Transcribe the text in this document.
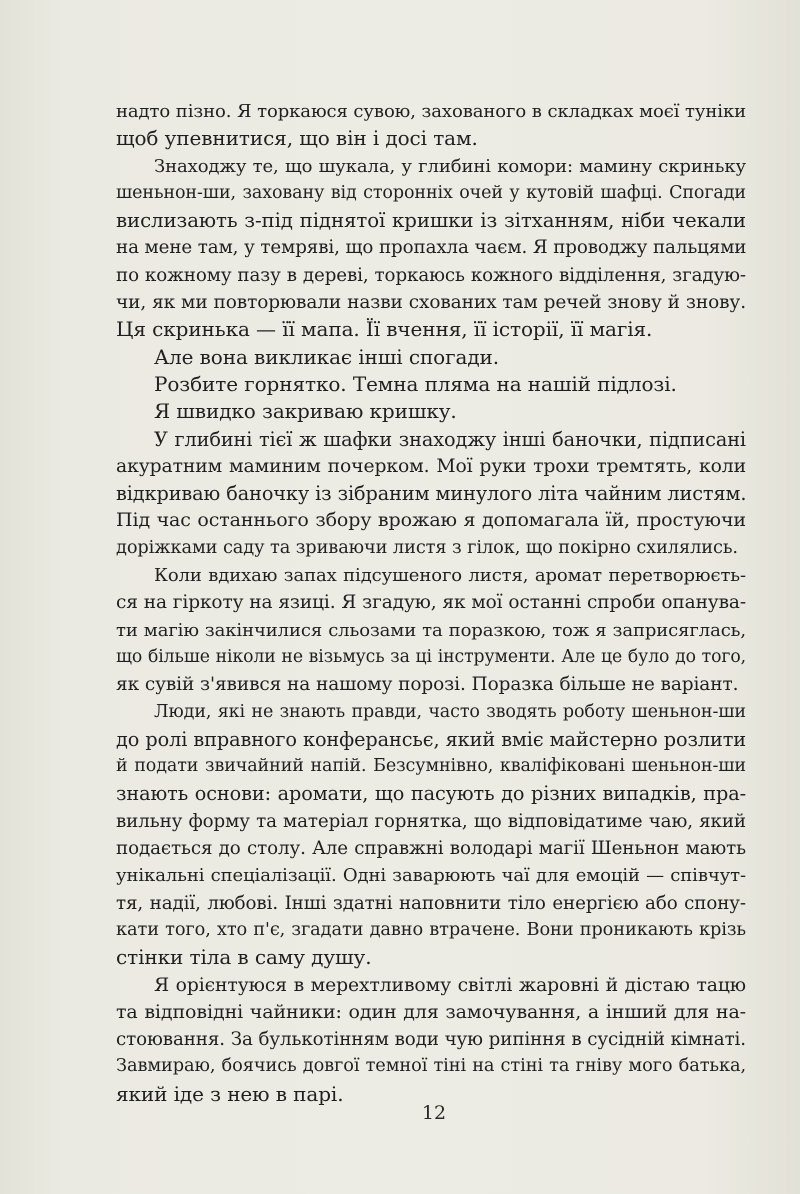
надто пізно. Я торкаюся сувою, захованого в складках моєї туніки
щоб упевнитися, що він і досі там.
Знаходжу те, що шукала, у глибині комори: мамину скриньку
шеньнон-ши, заховану від сторонніх очей у кутовій шафці. Спогади
вислизають з-під піднятої кришки із зітханням, ніби чекали
на мене там, у темряві, що пропахла чаєм. Я проводжу пальцями
по кожному пазу в дереві, торкаюсь кожного відділення, згадую-
чи, як ми повторювали назви схованих там речей знову й знову.
Ця скринька — її мапа. Її вчення, її історії, її магія.
Але вона викликає інші спогади.
Розбите горнятко. Темна пляма на нашій підлозі.
Я швидко закриваю кришку.
У глибині тієї ж шафки знаходжу інші баночки, підписані
акуратним маминим почерком. Мої руки трохи тремтять, коли
відкриваю баночку із зібраним минулого літа чайним листям.
Під час останнього збору врожаю я допомагала їй, простуючи
доріжками саду та зриваючи листя з гілок, що покірно схилялись.
Коли вдихаю запах підсушеного листя, аромат перетворюєть-
ся на гіркоту на язиці. Я згадую, як мої останні спроби опанува-
ти магію закінчилися сльозами та поразкою, тож я заприсяглась,
що більше ніколи не візьмусь за ці інструменти. Але це було до того,
як сувій з'явився на нашому порозі. Поразка більше не варіант.
Люди, які не знають правди, часто зводять роботу шеньнон-ши
до ролі вправного конферансьє, який вміє майстерно розлити
й подати звичайний напій. Безсумнівно, кваліфіковані шеньнон-ши
знають основи: аромати, що пасують до різних випадків, пра-
вильну форму та матеріал горнятка, що відповідатиме чаю, який
подається до столу. Але справжні володарі магії Шеньнон мають
унікальні спеціалізації. Одні заварюють чаї для емоцій — співчут-
тя, надії, любові. Інші здатні наповнити тіло енергією або спону-
кати того, хто п'є, згадати давно втрачене. Вони проникають крізь
стінки тіла в саму душу.
Я орієнтуюся в мерехтливому світлі жаровні й дістаю тацю
та відповідні чайники: один для замочування, а інший для на-
стоювання. За булькотінням води чую рипіння в сусідній кімнаті.
Завмираю, боячись довгої темної тіні на стіні та гніву мого батька,
який іде з нею в парі.
12
